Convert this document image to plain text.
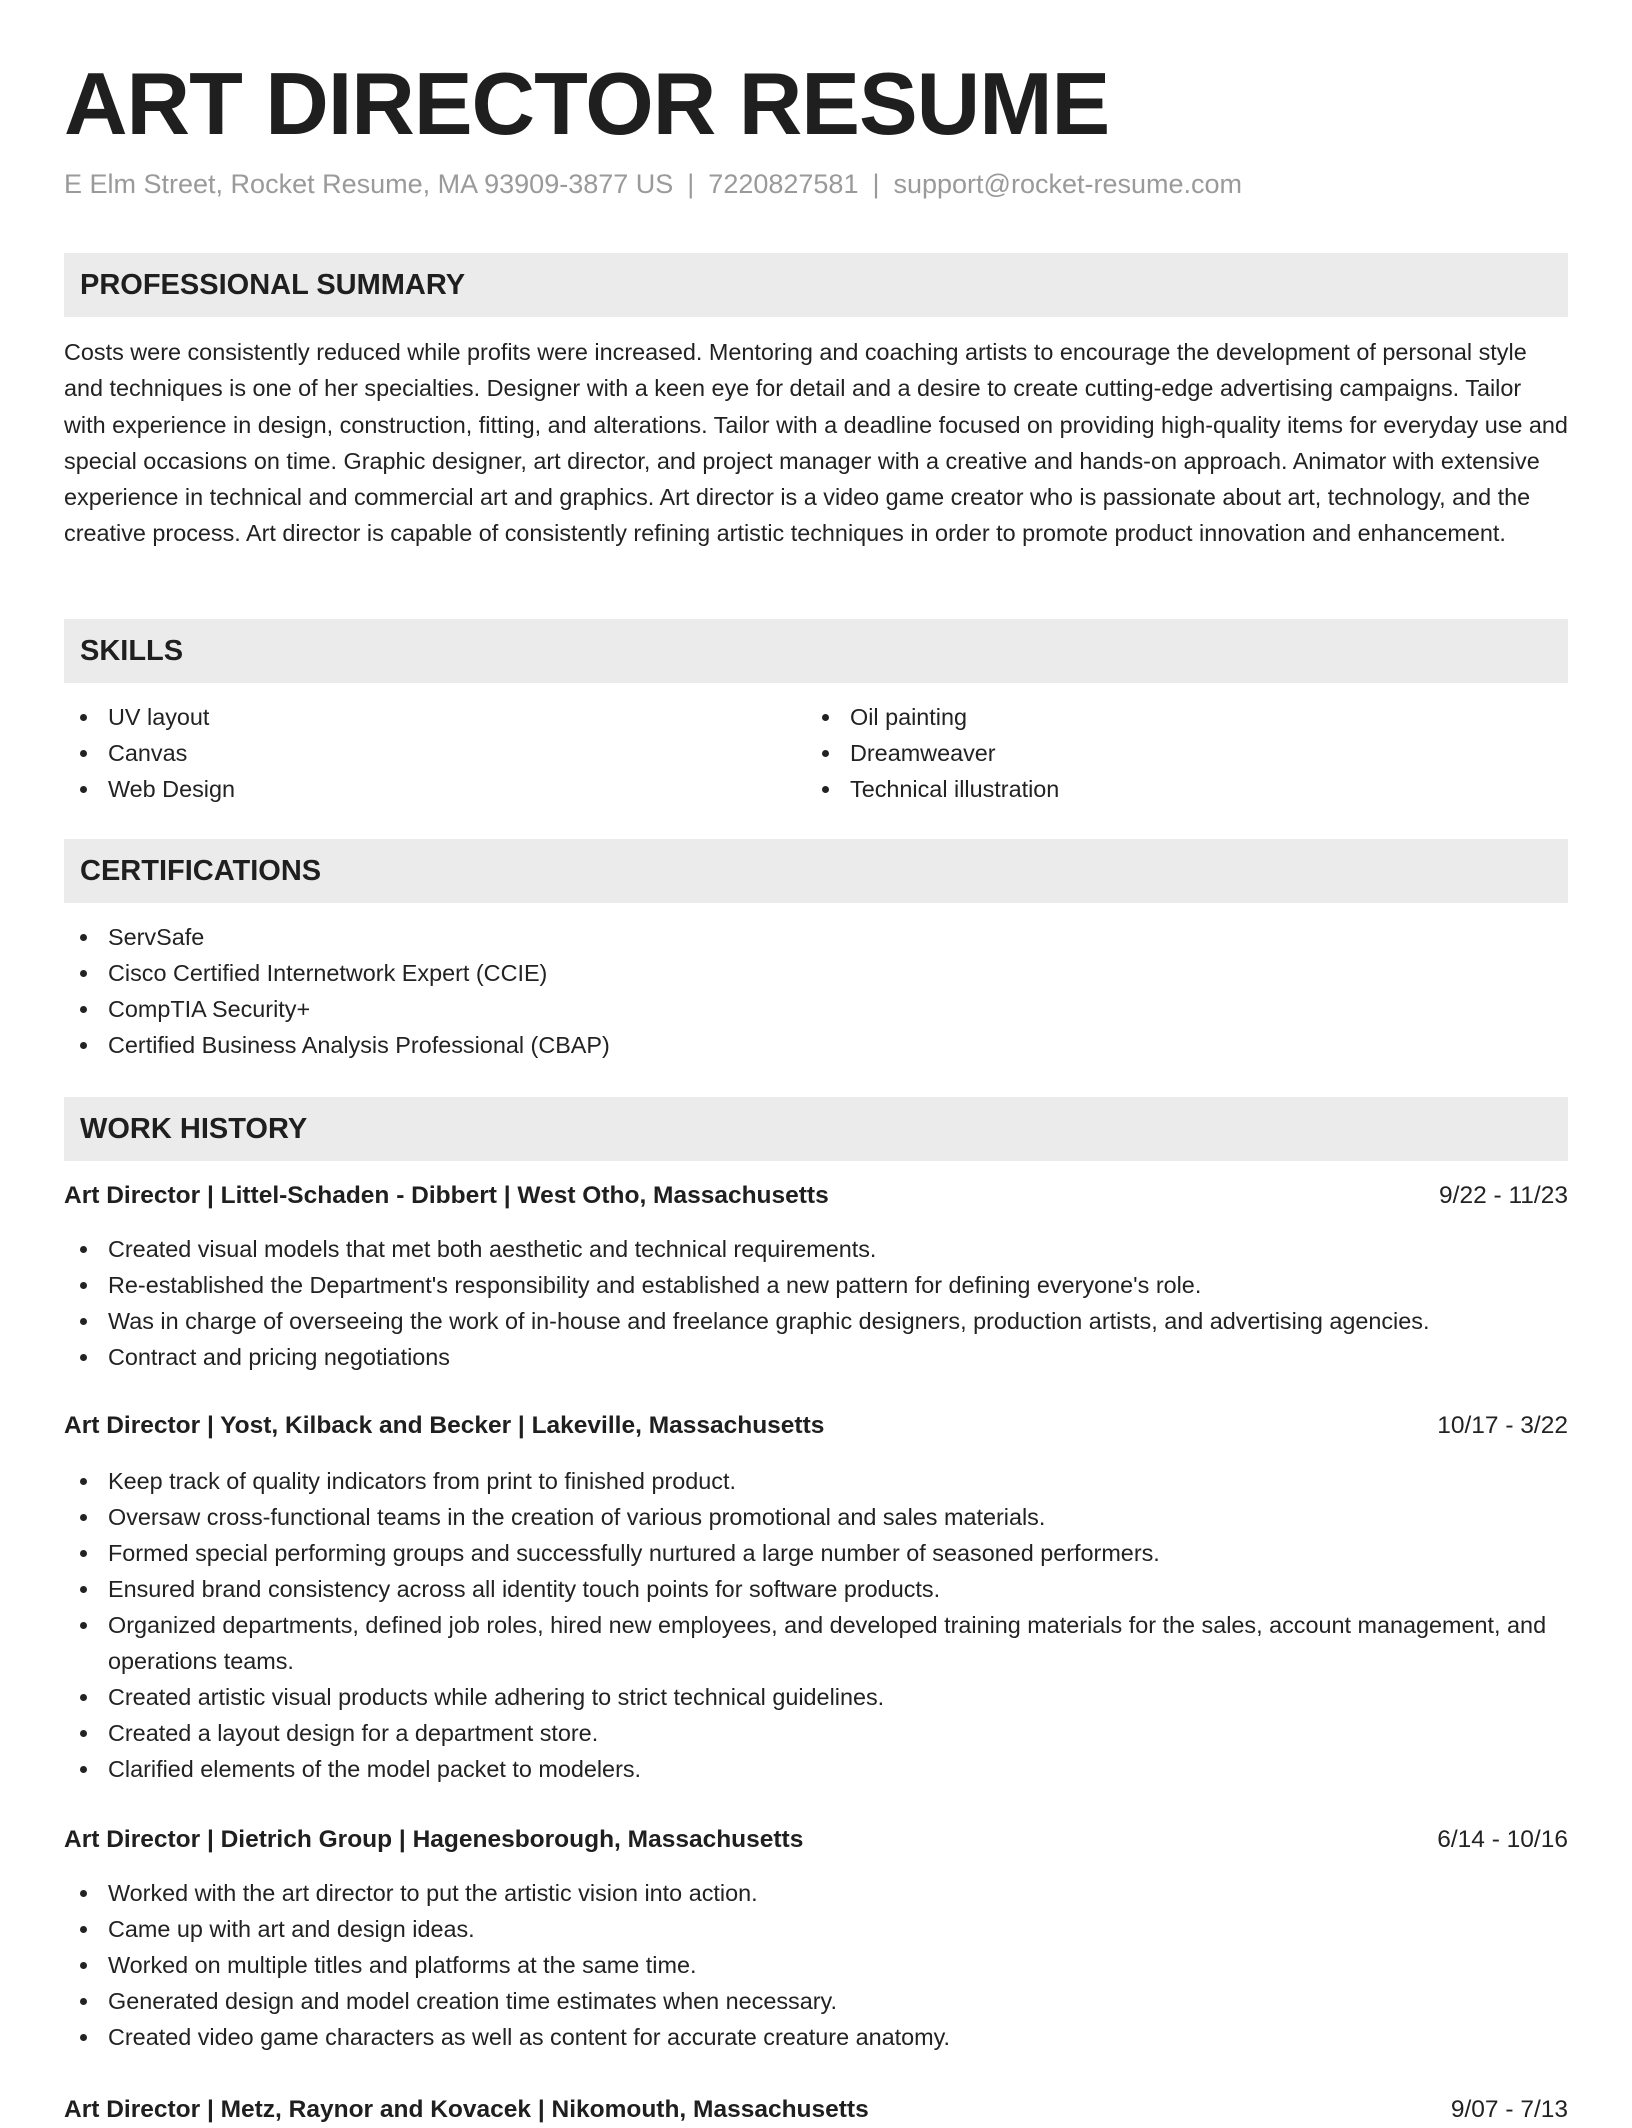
ART DIRECTOR RESUME
E Elm Street, Rocket Resume, MA 93909-3877 US | 7220827581 | support@rocket-resume.com
PROFESSIONAL SUMMARY

Costs were consistently reduced while profits were increased. Mentoring and coaching artists to encourage the development of personal style and techniques is one of her specialties. Designer with a keen eye for detail and a desire to create cutting-edge advertising campaigns. Tailor with experience in design, construction, fitting, and alterations. Tailor with a deadline focused on providing high-quality items for everyday use and special occasions on time. Graphic designer, art director, and project manager with a creative and hands-on approach. Animator with extensive experience in technical and commercial art and graphics. Art director is a video game creator who is passionate about art, technology, and the creative process. Art director is capable of consistently refining artistic techniques in order to promote product innovation and enhancement.

SKILLS
UV layout
Canvas
Web Design
Oil painting
Dreamweaver
Technical illustration
CERTIFICATIONS
ServSafe
Cisco Certified Internetwork Expert (CCIE)
CompTIA Security+
Certified Business Analysis Professional (CBAP)
WORK HISTORY
Art Director | Littel-Schaden - Dibbert | West Otho, Massachusetts	9/22 - 11/23
Created visual models that met both aesthetic and technical requirements.
Re-established the Department's responsibility and established a new pattern for defining everyone's role.
Was in charge of overseeing the work of in-house and freelance graphic designers, production artists, and advertising agencies.
Contract and pricing negotiations
Art Director | Yost, Kilback and Becker | Lakeville, Massachusetts	10/17 - 3/22
Keep track of quality indicators from print to finished product.
Oversaw cross-functional teams in the creation of various promotional and sales materials.
Formed special performing groups and successfully nurtured a large number of seasoned performers.
Ensured brand consistency across all identity touch points for software products.
Organized departments, defined job roles, hired new employees, and developed training materials for the sales, account management, and operations teams.
Created artistic visual products while adhering to strict technical guidelines.
Created a layout design for a department store.
Clarified elements of the model packet to modelers.
Art Director | Dietrich Group | Hagenesborough, Massachusetts	6/14 - 10/16
Worked with the art director to put the artistic vision into action.
Came up with art and design ideas.
Worked on multiple titles and platforms at the same time.
Generated design and model creation time estimates when necessary.
Created video game characters as well as content for accurate creature anatomy.
Art Director | Metz, Raynor and Kovacek | Nikomouth, Massachusetts	9/07 - 7/13
